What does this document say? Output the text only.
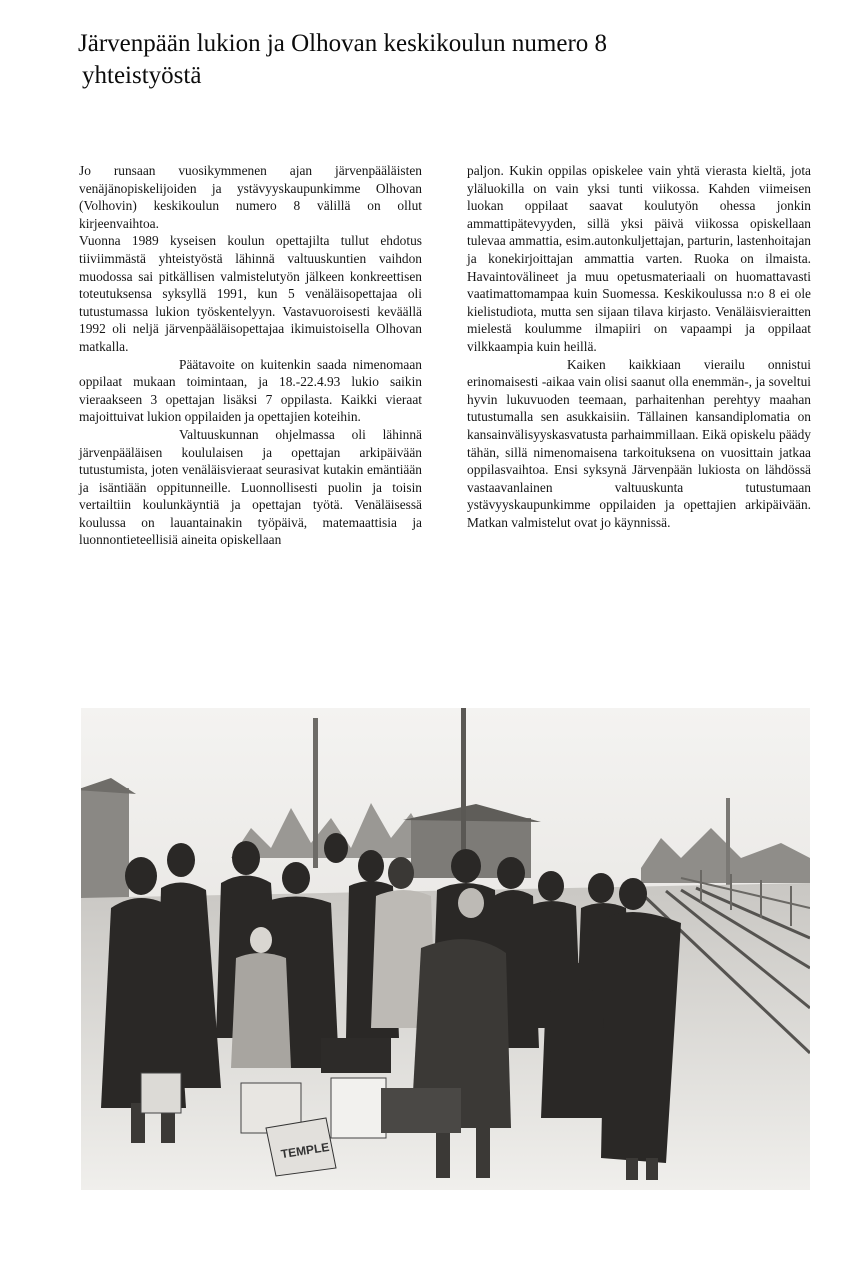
Järvenpään lukion ja Olhovan keskikoulun numero 8
yhteistyöstä

Jo runsaan vuosikymmenen ajan järvenpääläisten venäjänopiskelijoiden ja ystävyyskaupunkimme Olhovan (Volhovin) keskikoulun numero 8 välillä on ollut kirjeenvaihtoa.

Vuonna 1989 kyseisen koulun opettajilta tullut ehdotus tiiviimmästä yhteistyöstä lähinnä valtuuskuntien vaihdon muodossa sai pitkällisen valmistelutyön jälkeen konkreettisen toteutuksensa syksyllä 1991, kun 5 venäläisopettajaa oli tutustumassa lukion työskentelyyn. Vastavuoroisesti keväällä 1992 oli neljä järvenpääläisopettajaa ikimuistoisella Olhovan matkalla.

Päätavoite on kuitenkin saada nimenomaan oppilaat mukaan toimintaan, ja 18.-22.4.93 lukio saikin vieraakseen 3 opettajan lisäksi 7 oppilasta. Kaikki vieraat majoittuivat lukion oppilaiden ja opettajien koteihin.

Valtuuskunnan ohjelmassa oli lähinnä järvenpääläisen koululaisen ja opettajan arkipäivään tutustumista, joten venäläisvieraat seurasivat kutakin emäntiään ja isäntiään oppitunneille. Luonnollisesti puolin ja toisin vertailtiin koulunkäyntiä ja opettajan työtä. Venäläisessä koulussa on lauantainakin työpäivä, matemaattisia ja luonnontieteellisiä aineita opiskellaan

paljon. Kukin oppilas opiskelee vain yhtä vierasta kieltä, jota yläluokilla on vain yksi tunti viikossa. Kahden viimeisen luokan oppilaat saavat koulutyön ohessa jonkin ammattipätevyyden, sillä yksi päivä viikossa opiskellaan tulevaa ammattia, esim.autonkuljettajan, parturin, lastenhoitajan ja konekirjoittajan ammattia varten. Ruoka on ilmaista. Havaintovälineet ja muu opetusmateriaali on huomattavasti vaatimattomampaa kuin Suomessa. Keskikoulussa n:o 8 ei ole kielistudiota, mutta sen sijaan tilava kirjasto. Venäläisvieraitten mielestä koulumme ilmapiiri on vapaampi ja oppilaat vilkkaampia kuin heillä.

Kaiken kaikkiaan vierailu onnistui erinomaisesti -aikaa vain olisi saanut olla enemmän-, ja soveltui hyvin lukuvuoden teemaan, parhaitenhan perehtyy maahan tutustumalla sen asukkaisiin. Tällainen kansandiplomatia on kansainvälisyyskasvatusta parhaimmillaan. Eikä opiskelu päädy tähän, sillä nimenomaisena tarkoituksena on vuosittain jatkaa oppilasvaihtoa. Ensi syksynä Järvenpään lukiosta on lähdössä vastaavanlainen valtuuskunta tutustumaan ystävyyskaupunkimme oppilaiden ja opettajien arkipäivään. Matkan valmistelut ovat jo käynnissä.

TEMPLE
